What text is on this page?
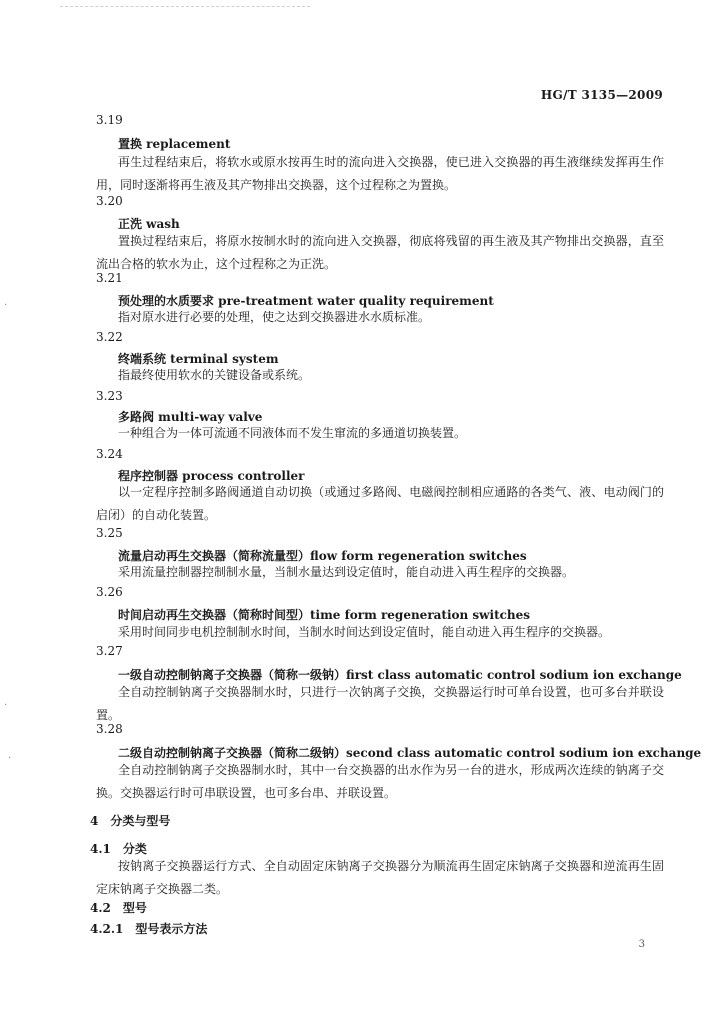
HG/T 3135—2009
3.19
置换 replacement
再生过程结束后，将软水或原水按再生时的流向进入交换器，使已进入交换器的再生液继续发挥再生作用，同时逐渐将再生液及其产物排出交换器，这个过程称之为置换。
3.20
正洗 wash
置换过程结束后，将原水按制水时的流向进入交换器，彻底将残留的再生液及其产物排出交换器，直至流出合格的软水为止，这个过程称之为正洗。
3.21
预处理的水质要求 pre-treatment water quality requirement
指对原水进行必要的处理，使之达到交换器进水水质标准。
3.22
终端系统 terminal system
指最终使用软水的关键设备或系统。
3.23
多路阀 multi-way valve
一种组合为一体可流通不同液体而不发生窜流的多通道切换装置。
3.24
程序控制器 process controller
以一定程序控制多路阀通道自动切换（或通过多路阀、电磁阀控制相应通路的各类气、液、电动阀门的启闭）的自动化装置。
3.25
流量启动再生交换器（简称流量型）flow form regeneration switches
采用流量控制器控制制水量，当制水量达到设定值时，能自动进入再生程序的交换器。
3.26
时间启动再生交换器（简称时间型）time form regeneration switches
采用时间同步电机控制制水时间，当制水时间达到设定值时，能自动进入再生程序的交换器。
3.27
一级自动控制钠离子交换器（简称一级钠）first class automatic control sodium ion exchange
全自动控制钠离子交换器制水时，只进行一次钠离子交换，交换器运行时可单台设置，也可多台并联设置。
3.28
二级自动控制钠离子交换器（简称二级钠）second class automatic control sodium ion exchange
全自动控制钠离子交换器制水时，其中一台交换器的出水作为另一台的进水，形成两次连续的钠离子交换。交换器运行时可串联设置，也可多台串、并联设置。
4　分类与型号
4.1　分类
按钠离子交换器运行方式、全自动固定床钠离子交换器分为顺流再生固定床钠离子交换器和逆流再生固定床钠离子交换器二类。
4.2　型号
4.2.1　型号表示方法
3
·
·
·
